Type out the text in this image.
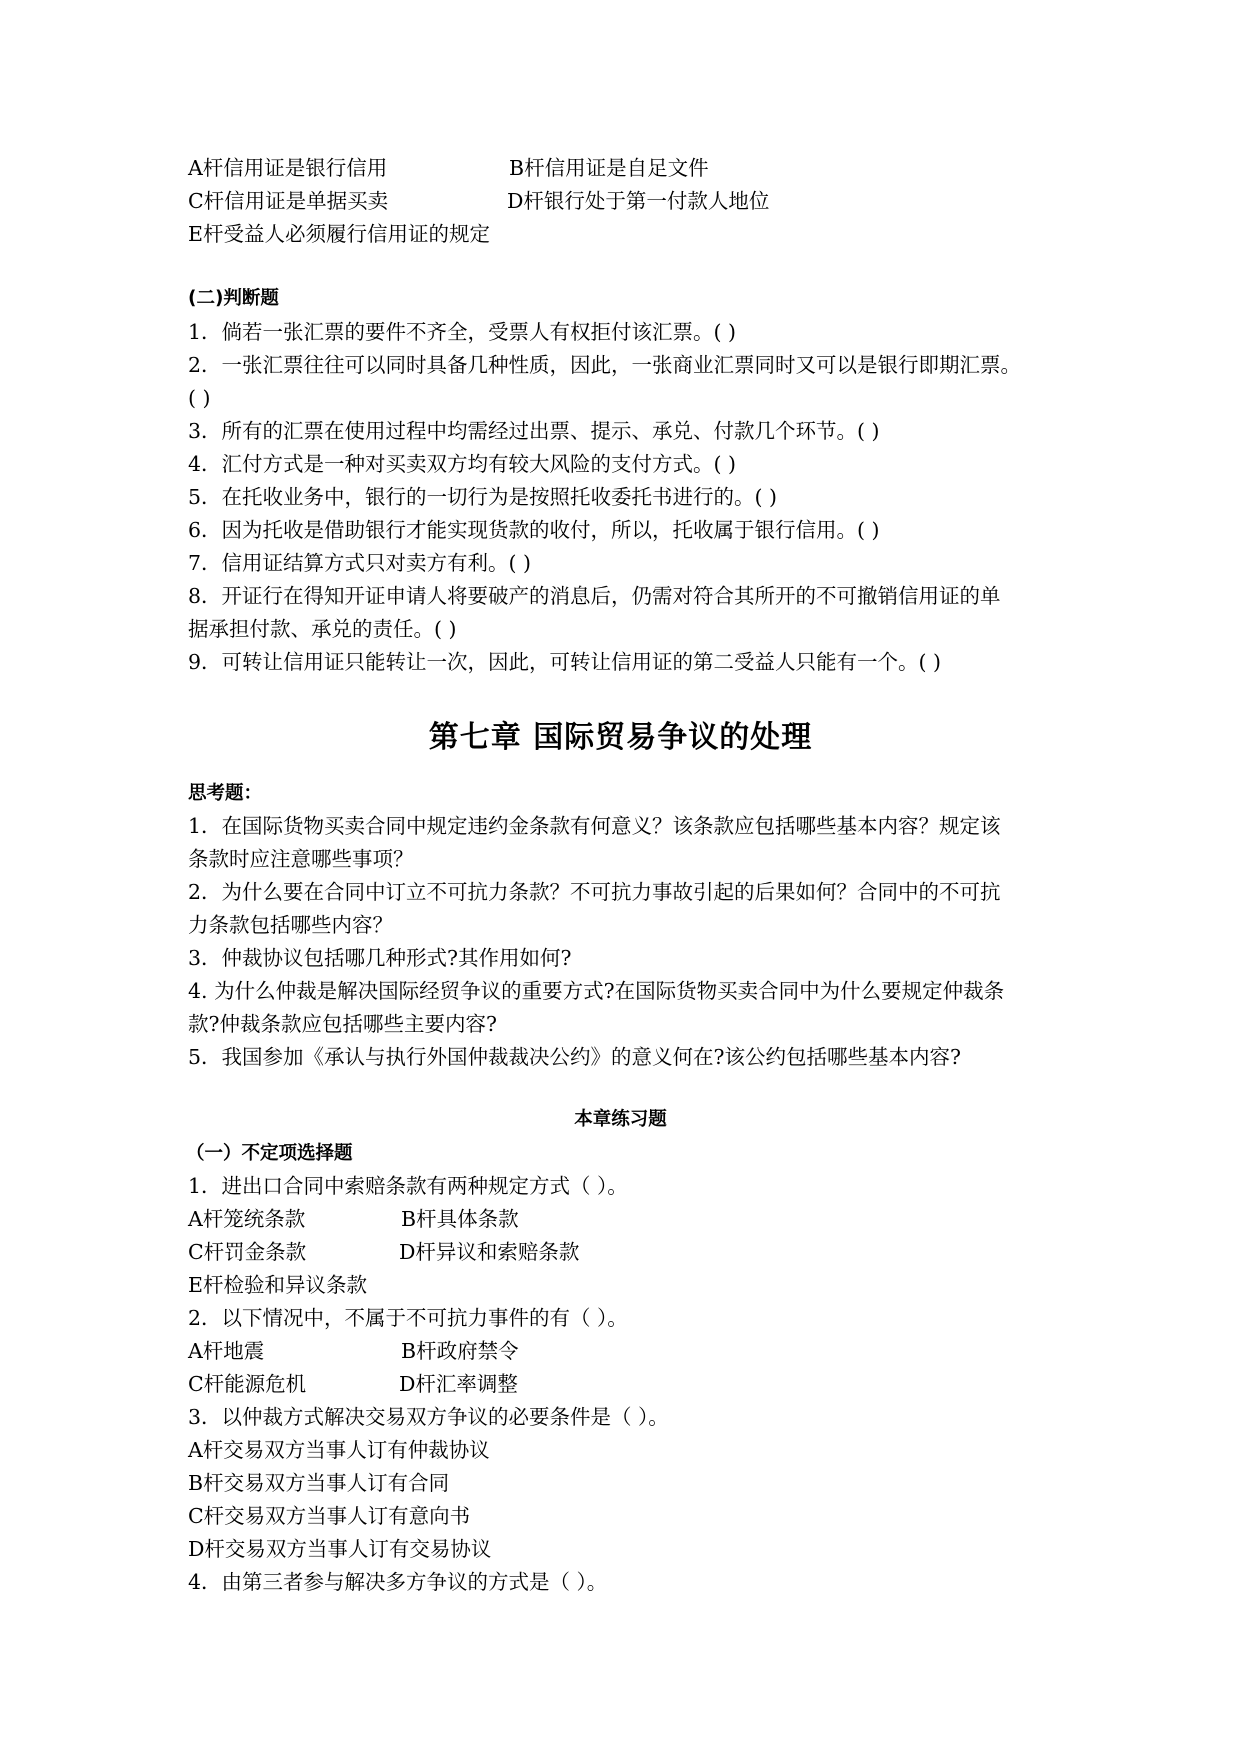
A杆信用证是银行信用	B杆信用证是自足文件
C杆信用证是单据买卖	D杆银行处于第一付款人地位
E杆受益人必须履行信用证的规定
(二)判断题
1．倘若一张汇票的要件不齐全，受票人有权拒付该汇票。( )
2．一张汇票往往可以同时具备几种性质，因此，一张商业汇票同时又可以是银行即期汇票。
( )
3．所有的汇票在使用过程中均需经过出票、提示、承兑、付款几个环节。( )
4．汇付方式是一种对买卖双方均有较大风险的支付方式。( )
5．在托收业务中，银行的一切行为是按照托收委托书进行的。( )
6．因为托收是借助银行才能实现货款的收付，所以，托收属于银行信用。( )
7．信用证结算方式只对卖方有利。( )
8．开证行在得知开证申请人将要破产的消息后，仍需对符合其所开的不可撤销信用证的单
据承担付款、承兑的责任。( )
9．可转让信用证只能转让一次，因此，可转让信用证的第二受益人只能有一个。( )
第七章 国际贸易争议的处理
思考题：
1．在国际货物买卖合同中规定违约金条款有何意义？该条款应包括哪些基本内容？规定该
条款时应注意哪些事项？
2．为什么要在合同中订立不可抗力条款？不可抗力事故引起的后果如何？合同中的不可抗
力条款包括哪些内容？
3．仲裁协议包括哪几种形式?其作用如何?
4. 为什么仲裁是解决国际经贸争议的重要方式?在国际货物买卖合同中为什么要规定仲裁条
款?仲裁条款应包括哪些主要内容?
5．我国参加《承认与执行外国仲裁裁决公约》的意义何在?该公约包括哪些基本内容?
本章练习题
（一）不定项选择题
1．进出口合同中索赔条款有两种规定方式（ ）。
A杆笼统条款	B杆具体条款
C杆罚金条款	D杆异议和索赔条款
E杆检验和异议条款
2．以下情况中，不属于不可抗力事件的有（ ）。
A杆地震	B杆政府禁令
C杆能源危机	D杆汇率调整
3．以仲裁方式解决交易双方争议的必要条件是（ ）。
A杆交易双方当事人订有仲裁协议
B杆交易双方当事人订有合同
C杆交易双方当事人订有意向书
D杆交易双方当事人订有交易协议
4．由第三者参与解决多方争议的方式是（ ）。
